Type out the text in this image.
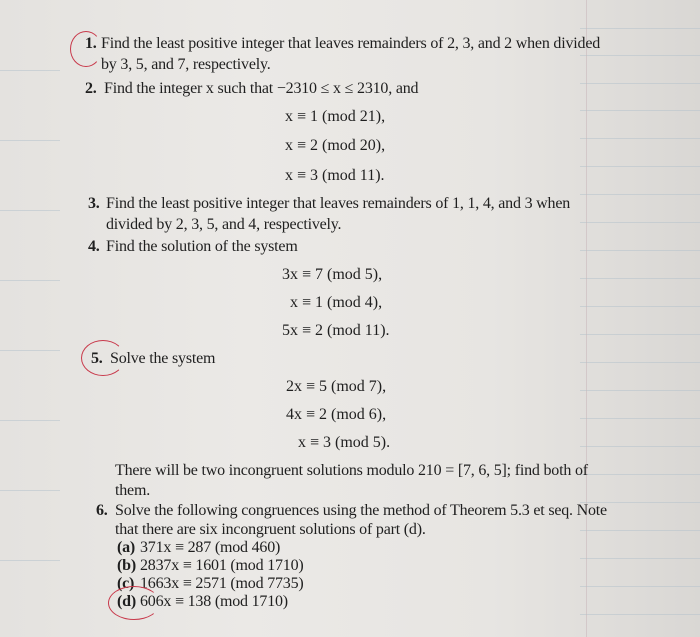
1. Find the least positive integer that leaves remainders of 2, 3, and 2 when divided
by 3, 5, and 7, respectively.
2. Find the integer x such that −2310 ≤ x ≤ 2310, and
x ≡ 1 (mod 21),
x ≡ 2 (mod 20),
x ≡ 3 (mod 11).
3. Find the least positive integer that leaves remainders of 1, 1, 4, and 3 when
divided by 2, 3, 5, and 4, respectively.
4. Find the solution of the system
3x ≡ 7 (mod 5),
x ≡ 1 (mod 4),
5x ≡ 2 (mod 11).
5. Solve the system
2x ≡ 5 (mod 7),
4x ≡ 2 (mod 6),
x ≡ 3 (mod 5).
There will be two incongruent solutions modulo 210 = [7, 6, 5]; find both of
them.
6. Solve the following congruences using the method of Theorem 5.3 et seq. Note
that there are six incongruent solutions of part (d).
(a) 371x ≡ 287 (mod 460)
(b) 2837x ≡ 1601 (mod 1710)
(c) 1663x ≡ 2571 (mod 7735)
(d) 606x ≡ 138 (mod 1710)
